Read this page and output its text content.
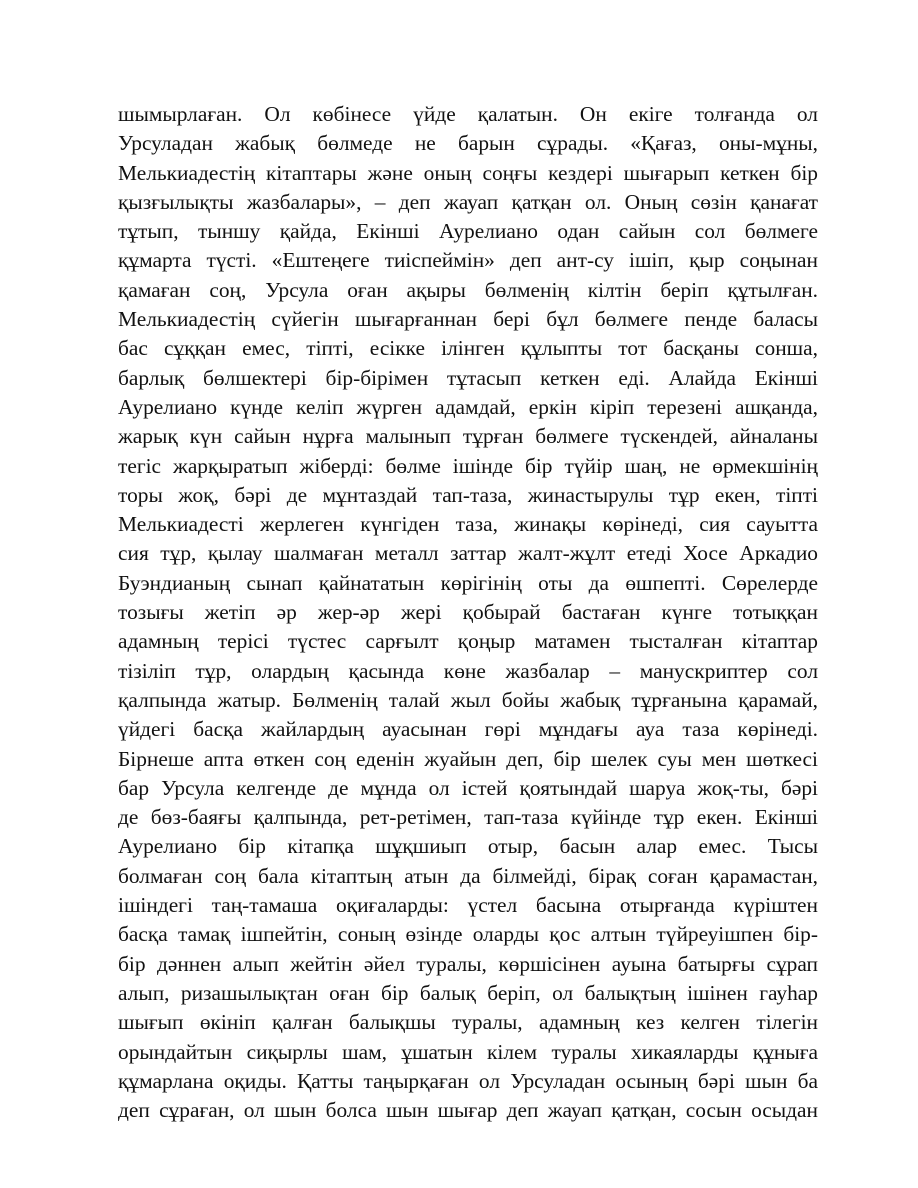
шымырлаған. Ол көбінесе үйде қалатын. Он екіге толғанда ол
Урсуладан жабық бөлмеде не барын сұрады. «Қағаз, оны-мұны,
Мелькиадестің кітаптары және оның соңғы кездері шығарып кеткен бір
қызғылықты жазбалары», – деп жауап қатқан ол. Оның сөзін қанағат
тұтып, тыншу қайда, Екінші Аурелиано одан сайын сол бөлмеге
құмарта түсті. «Ештеңеге тиіспеймін» деп ант-су ішіп, қыр соңынан
қамаған соң, Урсула оған ақыры бөлменің кілтін беріп құтылған.
Мелькиадестің сүйегін шығарғаннан бері бұл бөлмеге пенде баласы
бас сұққан емес, тіпті, есікке ілінген құлыпты тот басқаны сонша,
барлық бөлшектері бір-бірімен тұтасып кеткен еді. Алайда Екінші
Аурелиано күнде келіп жүрген адамдай, еркін кіріп терезені ашқанда,
жарық күн сайын нұрға малынып тұрған бөлмеге түскендей, айналаны
тегіс жарқыратып жіберді: бөлме ішінде бір түйір шаң, не өрмекшінің
торы жоқ, бәрі де мұнтаздай тап-таза, жинастырулы тұр екен, тіпті
Мелькиадесті жерлеген күнгіден таза, жинақы көрінеді, сия сауытта
сия тұр, қылау шалмаған металл заттар жалт-жұлт етеді Хосе Аркадио
Буэндианың сынап қайнататын көрігінің оты да өшпепті. Сөрелерде
тозығы жетіп әр жер-әр жері қобырай бастаған күнге тотыққан
адамның терісі түстес сарғылт қоңыр матамен тысталған кітаптар
тізіліп тұр, олардың қасында көне жазбалар – манускриптер сол
қалпында жатыр. Бөлменің талай жыл бойы жабық тұрғанына қарамай,
үйдегі басқа жайлардың ауасынан гөрі мұндағы ауа таза көрінеді.
Бірнеше апта өткен соң еденін жуайын деп, бір шелек суы мен шөткесі
бар Урсула келгенде де мұнда ол істей қоятындай шаруа жоқ-ты, бәрі
де бөз-баяғы қалпында, рет-ретімен, тап-таза күйінде тұр екен. Екінші
Аурелиано бір кітапқа шұқшиып отыр, басын алар емес. Тысы
болмаған соң бала кітаптың атын да білмейді, бірақ соған қарамастан,
ішіндегі таң-тамаша оқиғаларды: үстел басына отырғанда күріштен
басқа тамақ ішпейтін, соның өзінде оларды қос алтын түйреуішпен бір-
бір дәннен алып жейтін әйел туралы, көршісінен ауына батырғы сұрап
алып, ризашылықтан оған бір балық беріп, ол балықтың ішінен гауһар
шығып өкініп қалған балықшы туралы, адамның кез келген тілегін
орындайтын сиқырлы шам, ұшатын кілем туралы хикаяларды құныға
құмарлана оқиды. Қатты таңырқаған ол Урсуладан осының бәрі шын ба
деп сұраған, ол шын болса шын шығар деп жауап қатқан, сосын осыдан
